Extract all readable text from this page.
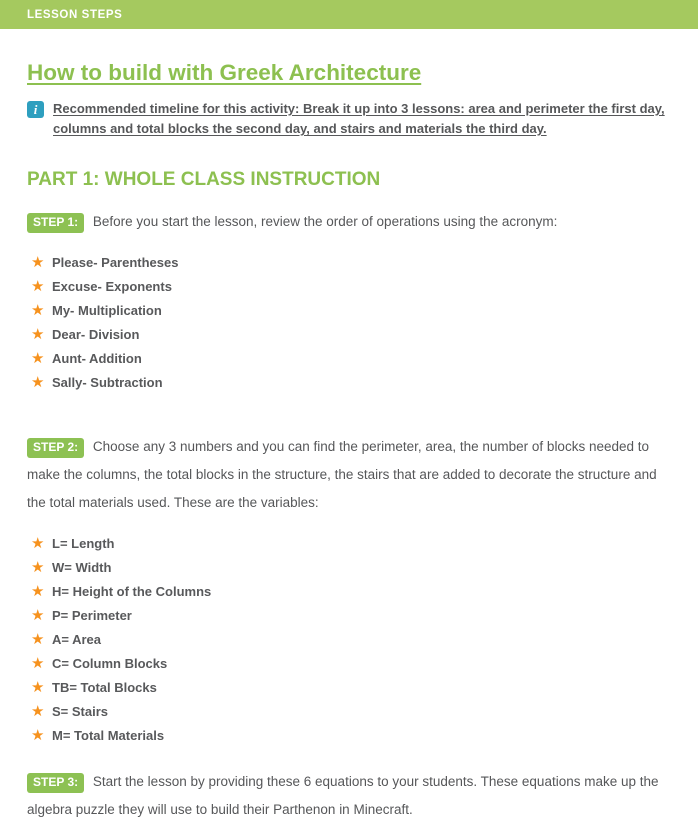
LESSON STEPS
How to build with Greek Architecture
i	Recommended timeline for this activity: Break it up into 3 lessons: area and perimeter the first day, columns and total blocks the second day, and stairs and materials the third day.
PART 1: WHOLE CLASS INSTRUCTION

STEP 1: Before you start the lesson, review the order of operations using the acronym:

★ Please- Parentheses
★ Excuse- Exponents
★ My- Multiplication
★ Dear- Division
★ Aunt- Addition
★ Sally- Subtraction

STEP 2: Choose any 3 numbers and you can find the perimeter, area, the number of blocks needed to make the columns, the total blocks in the structure, the stairs that are added to decorate the structure and the total materials used. These are the variables:

★ L= Length
★ W= Width
★ H= Height of the Columns
★ P= Perimeter
★ A= Area
★ C= Column Blocks
★ TB= Total Blocks
★ S= Stairs
★ M= Total Materials

STEP 3: Start the lesson by providing these 6 equations to your students. These equations make up the algebra puzzle they will use to build their Parthenon in Minecraft.
